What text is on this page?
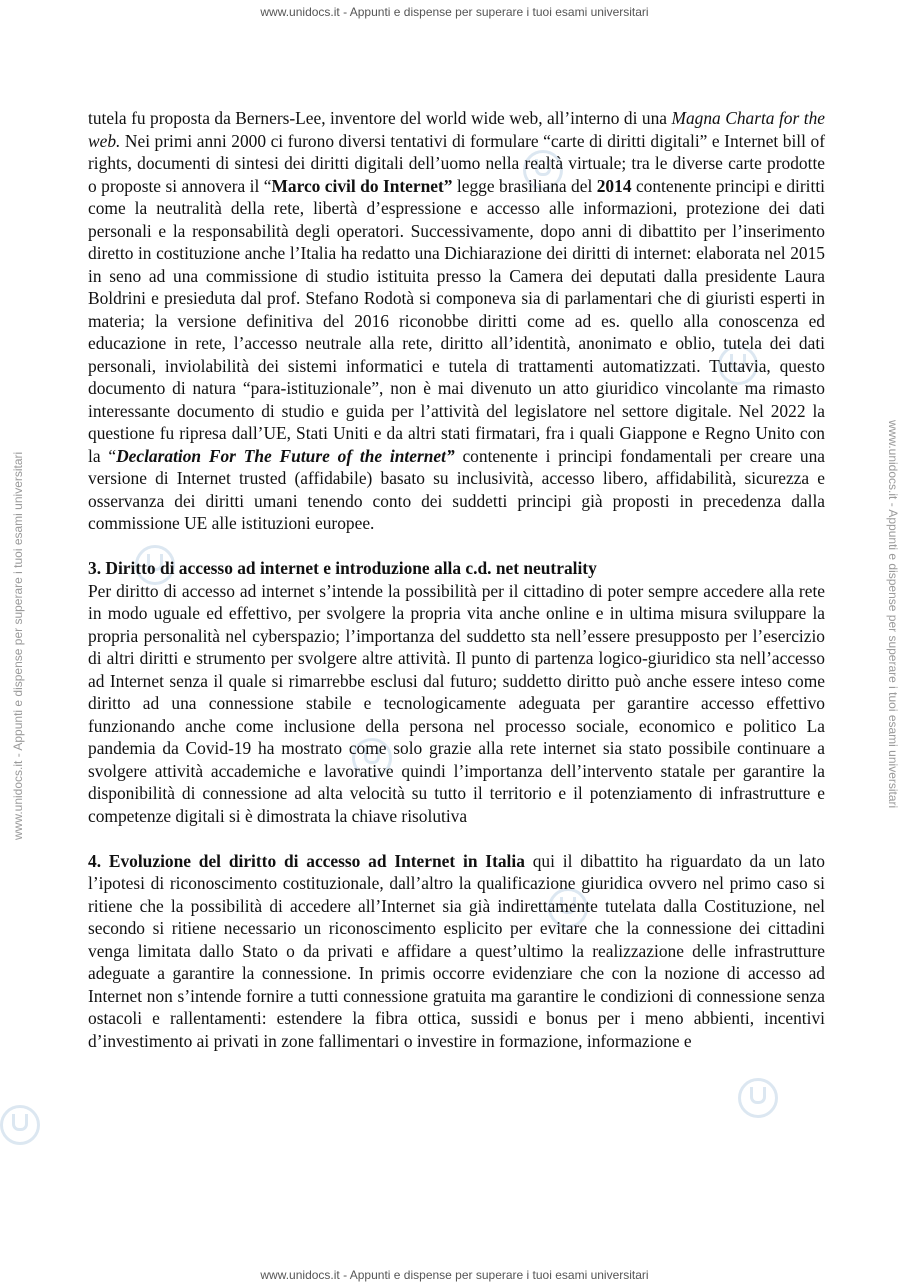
www.unidocs.it - Appunti e dispense per superare i tuoi esami universitari
www.unidocs.it - Appunti e dispense per superare i tuoi esami universitari	www.unidocs.it - Appunti e dispense per superare i tuoi esami universitari

tutela fu proposta da Berners-Lee, inventore del world wide web, all’interno di una Magna Charta for the web. Nei primi anni 2000 ci furono diversi tentativi di formulare “carte di diritti digitali” e Internet bill of rights, documenti di sintesi dei diritti digitali dell’uomo nella realtà virtuale; tra le diverse carte prodotte o proposte si annovera il “Marco civil do Internet” legge brasiliana del 2014 contenente principi e diritti come la neutralità della rete, libertà d’espressione e accesso alle informazioni, protezione dei dati personali e la responsabilità degli operatori. Successivamente, dopo anni di dibattito per l’inserimento diretto in costituzione anche l’Italia ha redatto una Dichiarazione dei diritti di internet: elaborata nel 2015 in seno ad una commissione di studio istituita presso la Camera dei deputati dalla presidente Laura Boldrini e presieduta dal prof. Stefano Rodotà si componeva sia di parlamentari che di giuristi esperti in materia; la versione definitiva del 2016 riconobbe diritti come ad es. quello alla conoscenza ed educazione in rete, l’accesso neutrale alla rete, diritto all’identità, anonimato e oblio, tutela dei dati personali, inviolabilità dei sistemi informatici e tutela di trattamenti automatizzati. Tuttavia, questo documento di natura “para-istituzionale”, non è mai divenuto un atto giuridico vincolante ma rimasto interessante documento di studio e guida per l’attività del legislatore nel settore digitale. Nel 2022 la questione fu ripresa dall’UE, Stati Uniti e da altri stati firmatari, fra i quali Giappone e Regno Unito con la “Declaration For The Future of the internet” contenente i principi fondamentali per creare una versione di Internet trusted (affidabile) basato su inclusività, accesso libero, affidabilità, sicurezza e osservanza dei diritti umani tenendo conto dei suddetti principi già proposti in precedenza dalla commissione UE alle istituzioni europee.

3. Diritto di accesso ad internet e introduzione alla c.d. net neutrality

Per diritto di accesso ad internet s’intende la possibilità per il cittadino di poter sempre accedere alla rete in modo uguale ed effettivo, per svolgere la propria vita anche online e in ultima misura sviluppare la propria personalità nel cyberspazio; l’importanza del suddetto sta nell’essere presupposto per l’esercizio di altri diritti e strumento per svolgere altre attività. Il punto di partenza logico-giuridico sta nell’accesso ad Internet senza il quale si rimarrebbe esclusi dal futuro; suddetto diritto può anche essere inteso come diritto ad una connessione stabile e tecnologicamente adeguata per garantire accesso effettivo funzionando anche come inclusione della persona nel processo sociale, economico e politico La pandemia da Covid-19 ha mostrato come solo grazie alla rete internet sia stato possibile continuare a svolgere attività accademiche e lavorative quindi l’importanza dell’intervento statale per garantire la disponibilità di connessione ad alta velocità su tutto il territorio e il potenziamento di infrastrutture e competenze digitali si è dimostrata la chiave risolutiva

4. Evoluzione del diritto di accesso ad Internet in Italia qui il dibattito ha riguardato da un lato l’ipotesi di riconoscimento costituzionale, dall’altro la qualificazione giuridica ovvero nel primo caso si ritiene che la possibilità di accedere all’Internet sia già indirettamente tutelata dalla Costituzione, nel secondo si ritiene necessario un riconoscimento esplicito per evitare che la connessione dei cittadini venga limitata dallo Stato o da privati e affidare a quest’ultimo la realizzazione delle infrastrutture adeguate a garantire la connessione. In primis occorre evidenziare che con la nozione di accesso ad Internet non s’intende fornire a tutti connessione gratuita ma garantire le condizioni di connessione senza ostacoli e rallentamenti: estendere la fibra ottica, sussidi e bonus per i meno abbienti, incentivi d’investimento ai privati in zone fallimentari o investire in formazione, informazione e

www.unidocs.it - Appunti e dispense per superare i tuoi esami universitari
